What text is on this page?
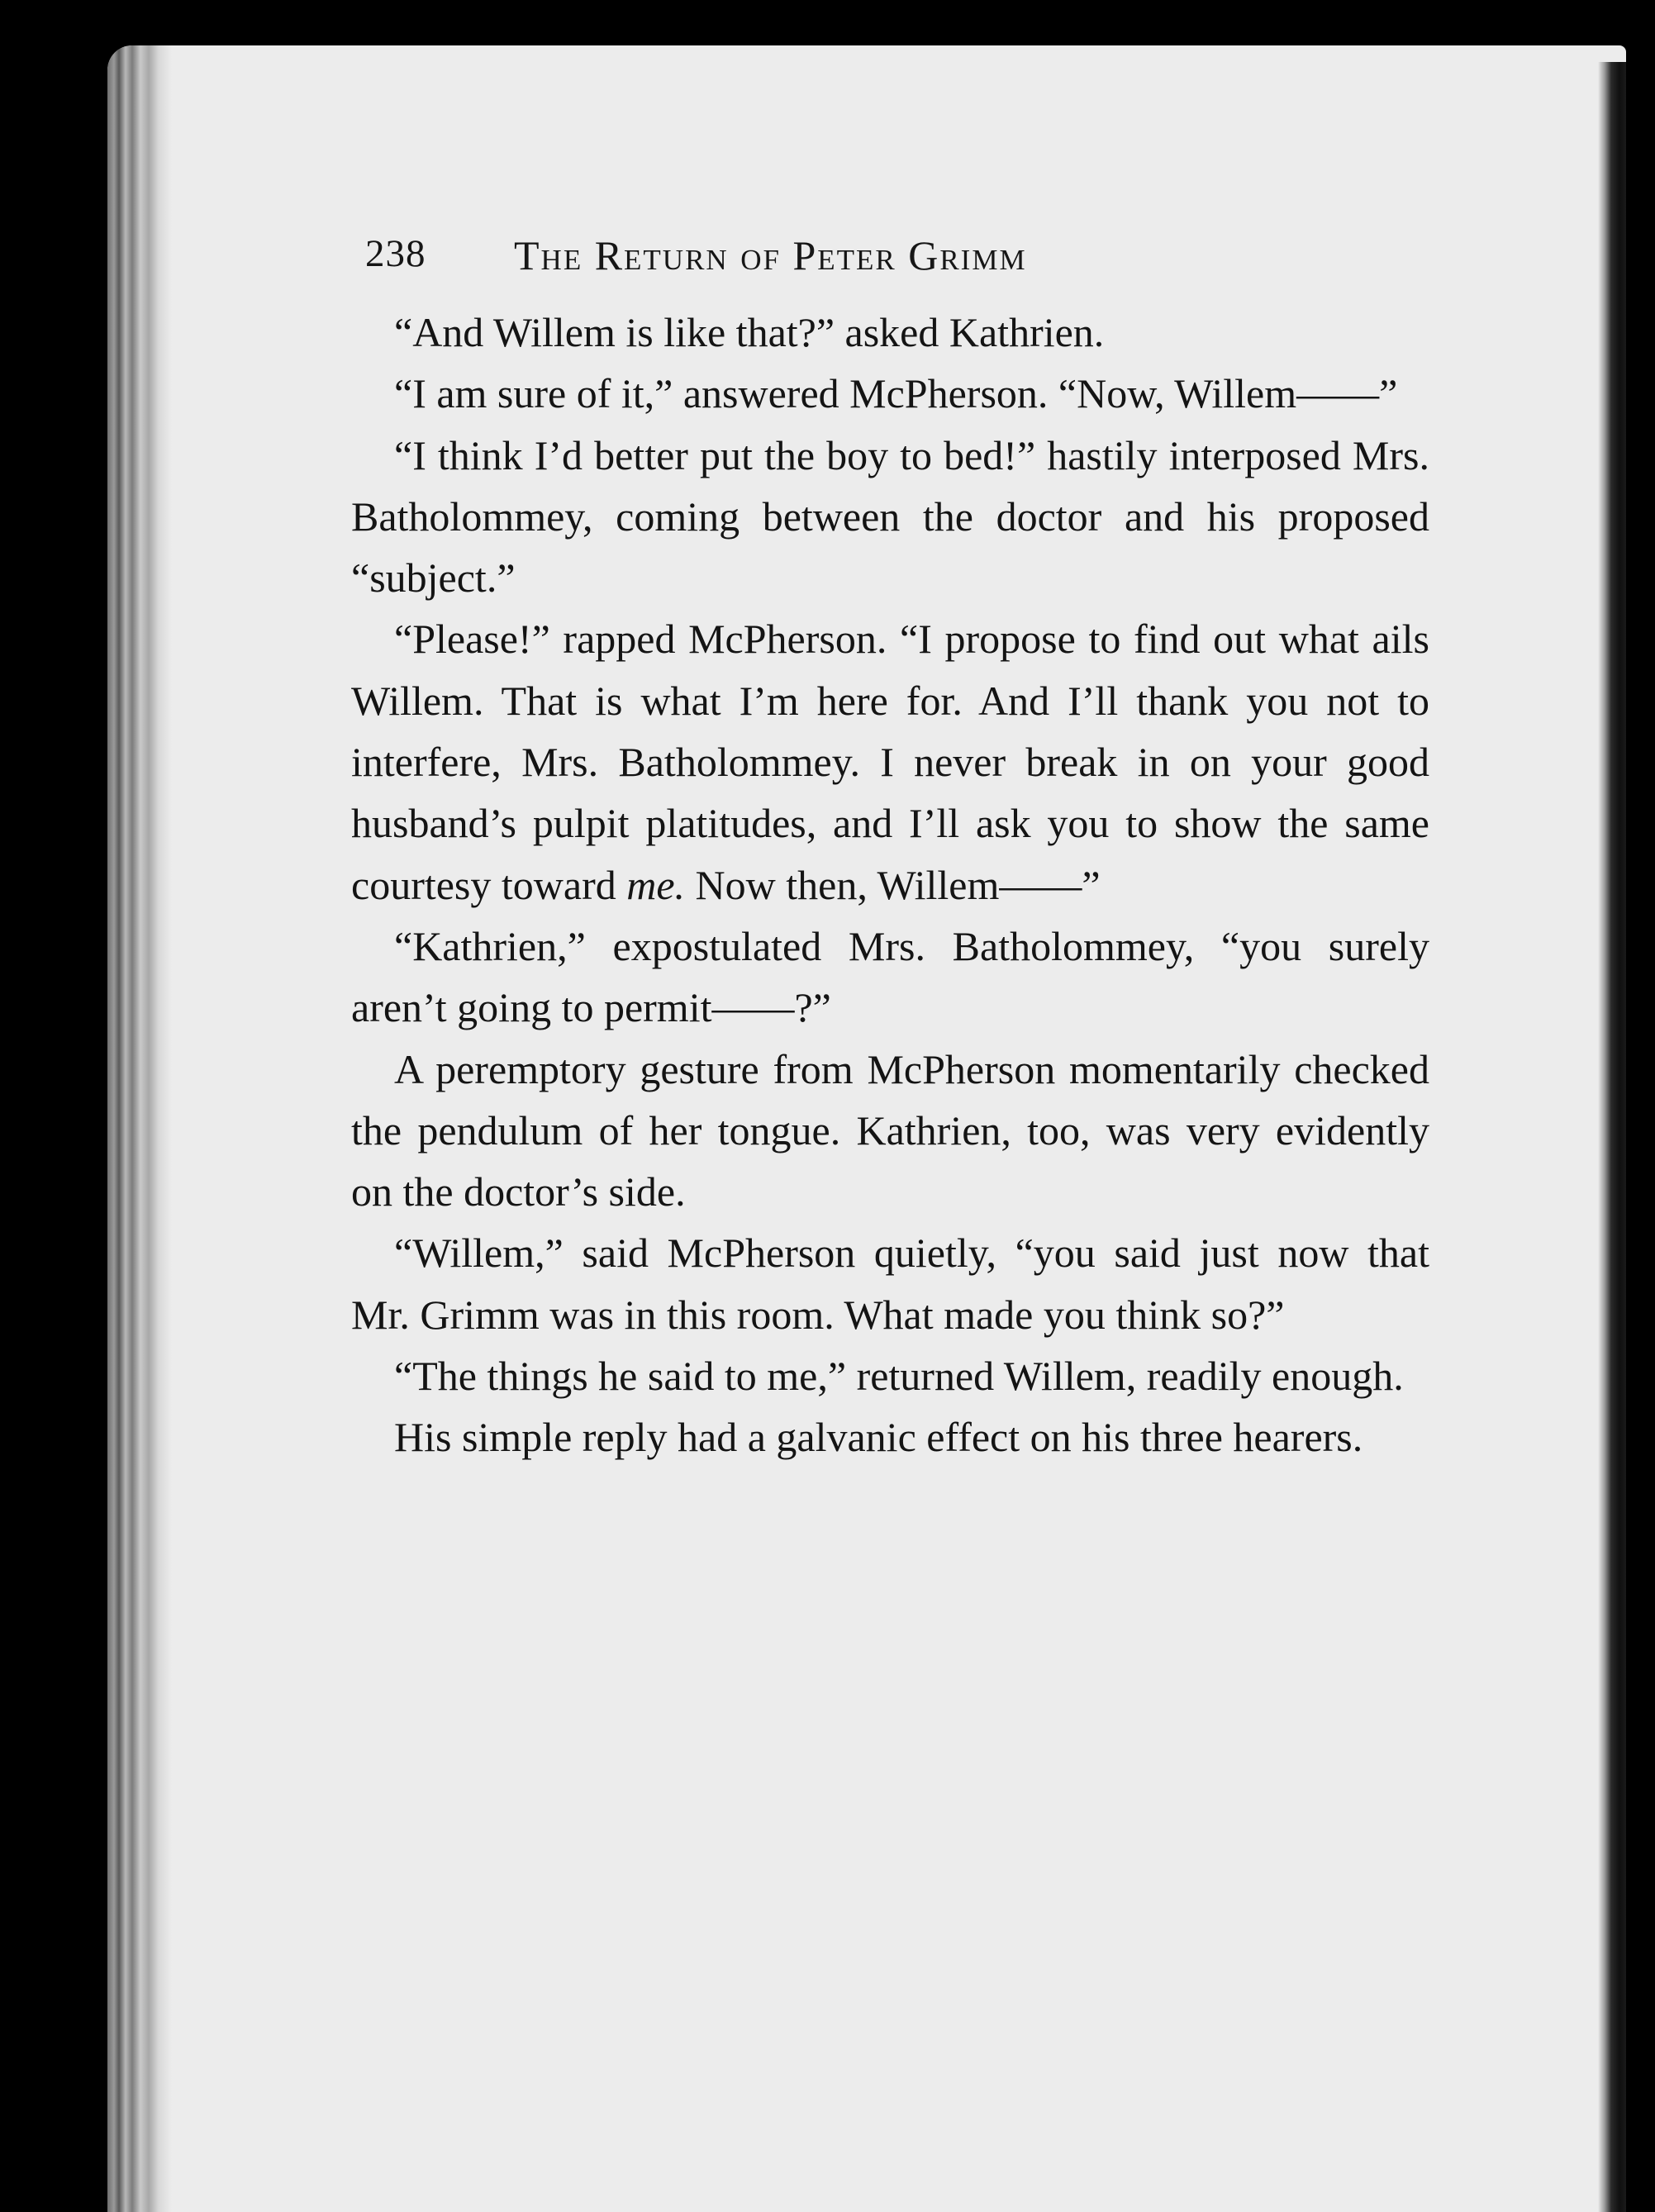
238 The Return of Peter Grimm

“And Willem is like that?” asked Kathrien.

“I am sure of it,” answered McPherson. “Now, Willem——”

“I think I’d better put the boy to bed!” hastily interposed Mrs. Batholommey, coming between the doctor and his proposed “subject.”

“Please!” rapped McPherson. “I propose to find out what ails Willem. That is what I’m here for. And I’ll thank you not to interfere, Mrs. Batholommey. I never break in on your good husband’s pulpit platitudes, and I’ll ask you to show the same courtesy toward me. Now then, Willem——”

“Kathrien,” expostulated Mrs. Batholommey, “you surely aren’t going to permit——?”

A peremptory gesture from McPherson momentarily checked the pendulum of her tongue. Kathrien, too, was very evidently on the doctor’s side.

“Willem,” said McPherson quietly, “you said just now that Mr. Grimm was in this room. What made you think so?”

“The things he said to me,” returned Willem, readily enough.

His simple reply had a galvanic effect on his three hearers.
